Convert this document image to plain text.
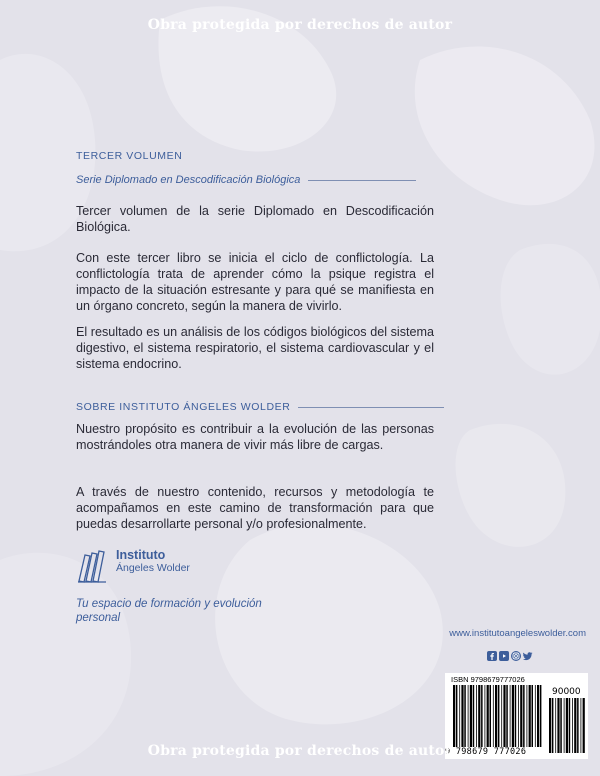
Obra protegida por derechos de autor
TERCER VOLUMEN
Serie Diplomado en Descodificación Biológica

Tercer volumen de la serie Diplomado en Descodificación Biológica.

Con este tercer libro se inicia el ciclo de conflictología. La conflictología trata de aprender cómo la psique registra el impacto de la situación estresante y para qué se manifiesta en un órgano concreto, según la manera de vivirlo.

El resultado es un análisis de los códigos biológicos del sistema digestivo, el sistema respiratorio, el sistema cardiovascular y el sistema endocrino.

SOBRE INSTITUTO ÁNGELES WOLDER

Nuestro propósito es contribuir a la evolución de las personas mostrándoles otra manera de vivir más libre de cargas.

A través de nuestro contenido, recursos y metodología te acompañamos en este camino de transformación para que puedas desarrollarte personal y/o profesionalmente.

Instituto
Ángeles Wolder

Tu espacio de formación y evolución personal

www.institutoangeleswolder.com
ISBN 9798679777026
90000
9 798679 777026
Obra protegida por derechos de autor
